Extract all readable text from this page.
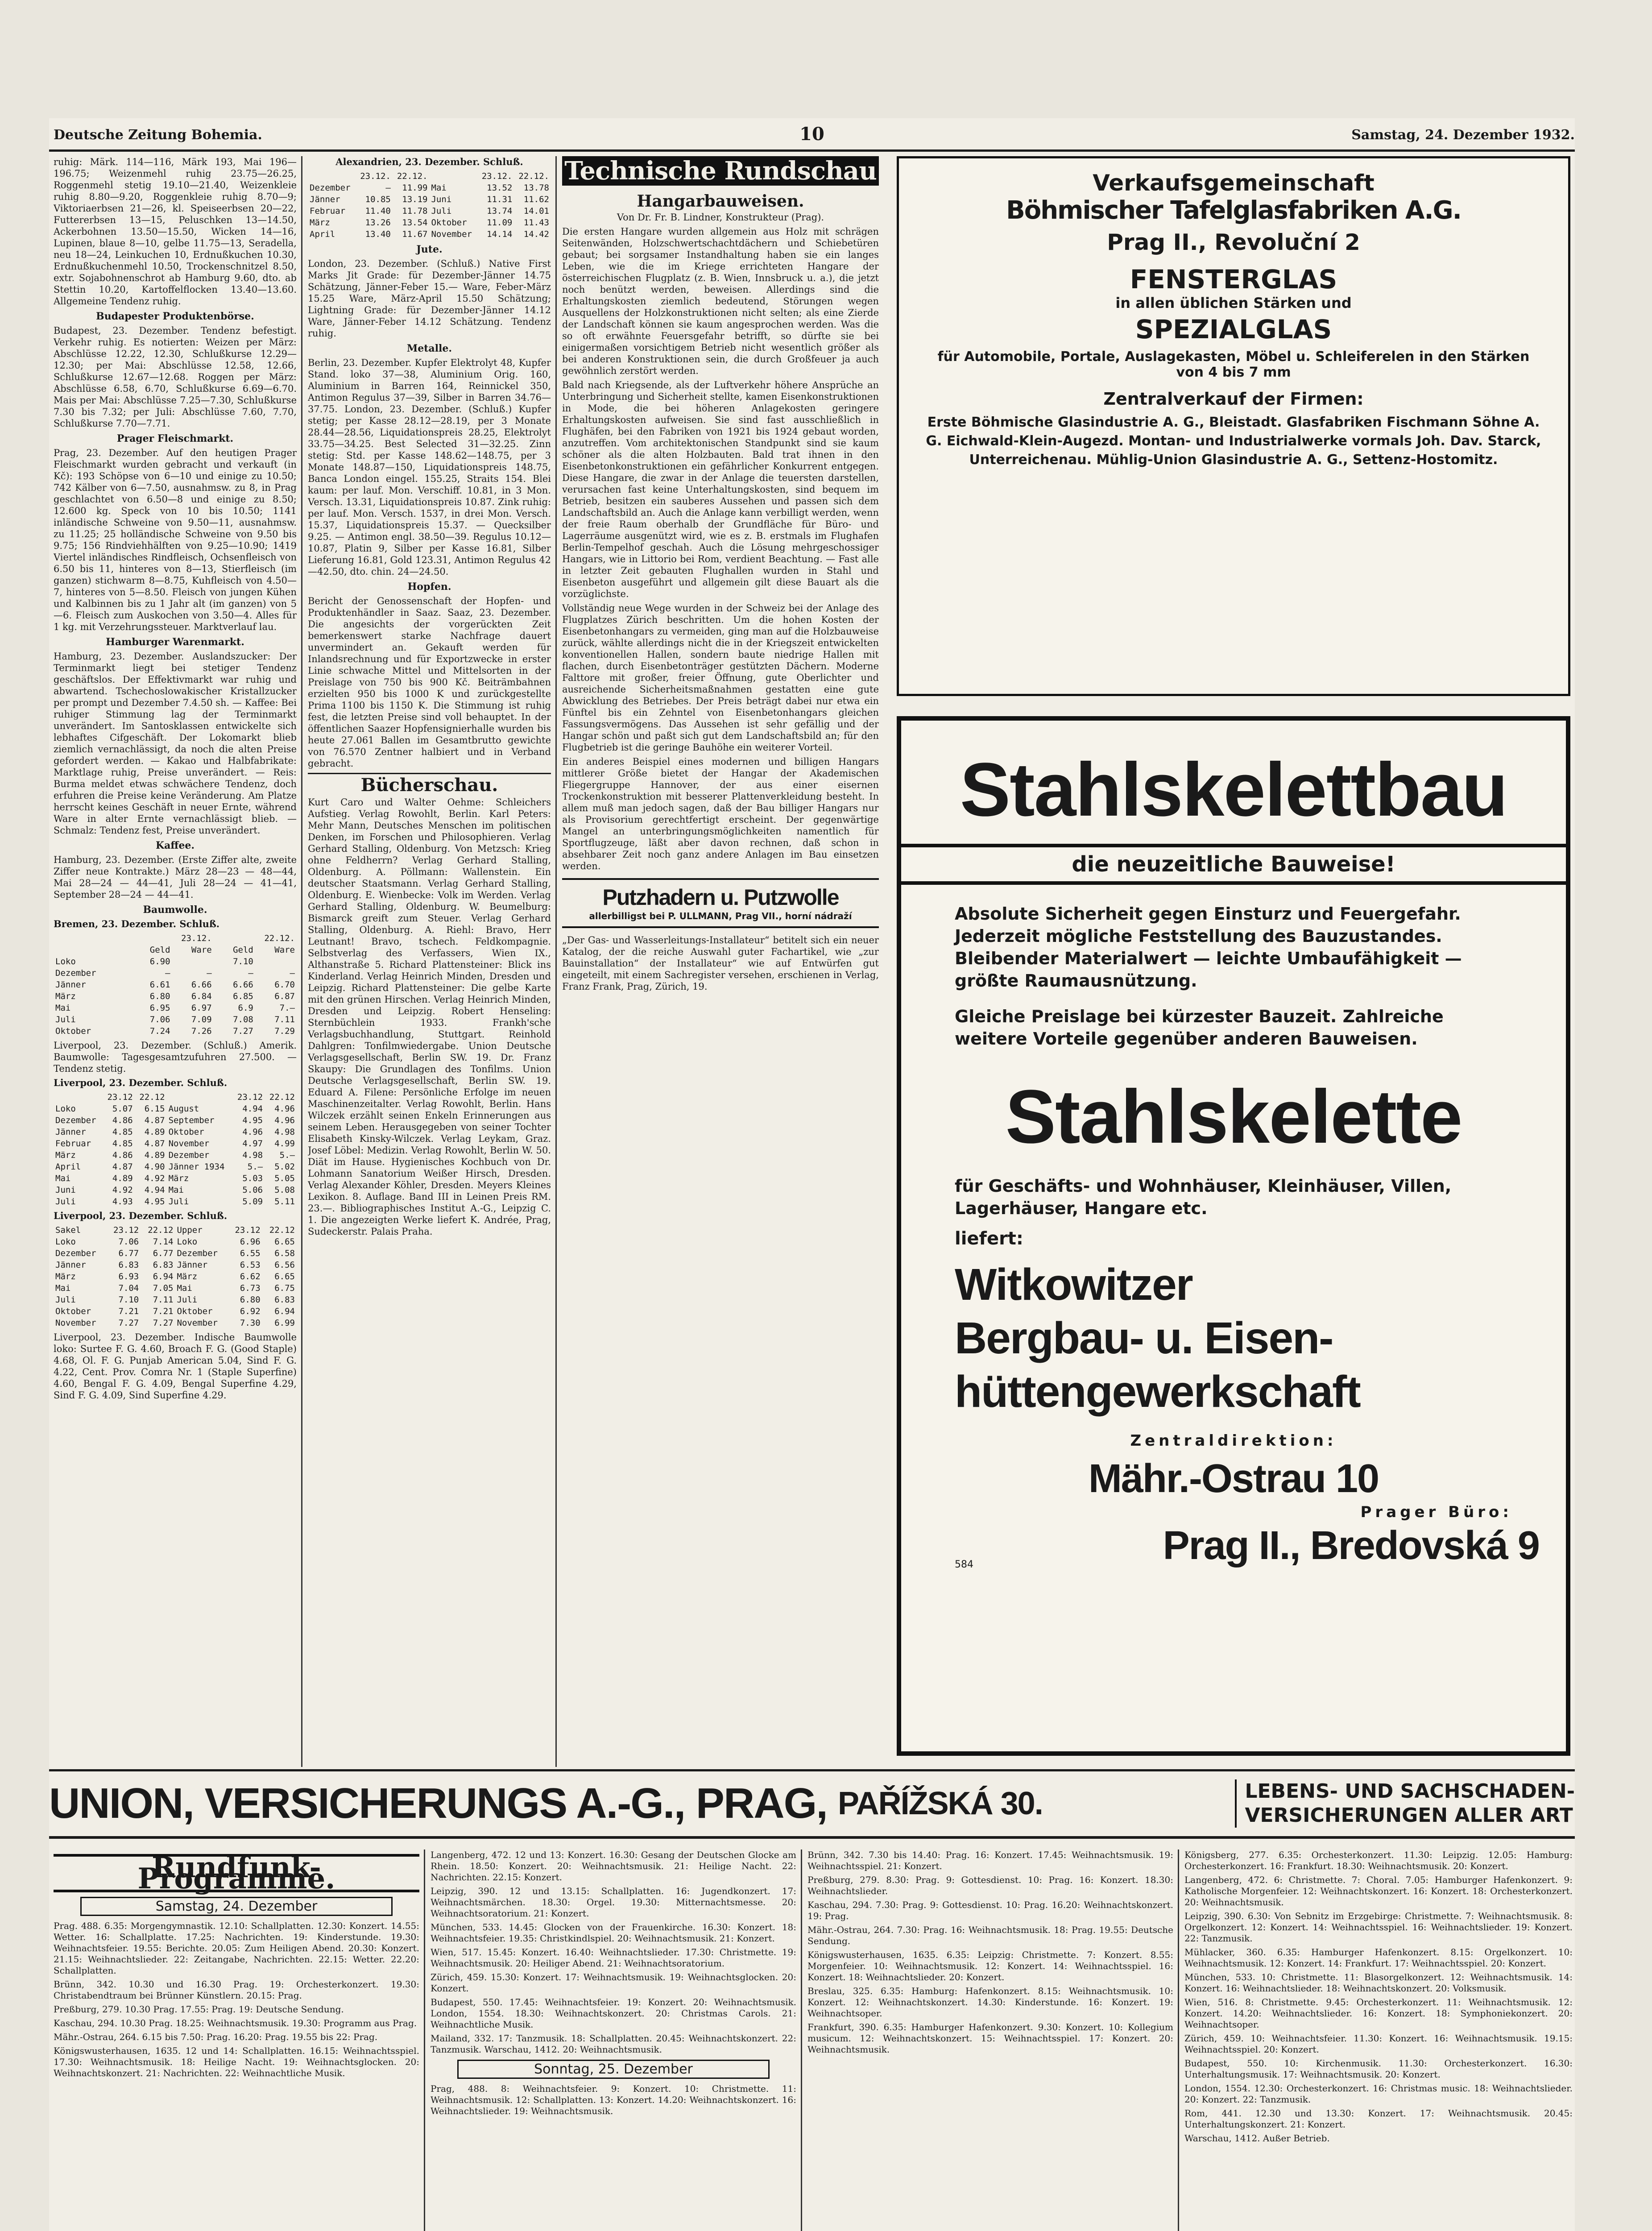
Deutsche Zeitung Bohemia.	10	Samstag, 24. Dezember 1932.

ruhig: Märk. 114—116, Märk 193, Mai 196—196.75; Weizenmehl ruhig 23.75—26.25, Roggenmehl stetig 19.10—21.40, Weizenkleie ruhig 8.80—9.20, Roggenkleie ruhig 8.70—9; Viktoriaerbsen 21—26, kl. Speiseerbsen 20—22, Futtererbsen 13—15, Peluschken 13—14.50, Ackerbohnen 13.50—15.50, Wicken 14—16, Lupinen, blaue 8—10, gelbe 11.75—13, Seradella, neu 18—24, Leinkuchen 10, Erdnußkuchen 10.30, Erdnußkuchenmehl 10.50, Trockenschnitzel 8.50, extr. Sojabohnenschrot ab Hamburg 9.60, dto. ab Stettin 10.20, Kartoffelflocken 13.40—13.60. Allgemeine Tendenz ruhig.

Budapester Produktenbörse.

Budapest, 23. Dezember. Tendenz befestigt. Verkehr ruhig. Es notierten: Weizen per März: Abschlüsse 12.22, 12.30, Schlußkurse 12.29—12.30; per Mai: Abschlüsse 12.58, 12.66, Schlußkurse 12.67—12.68. Roggen per März: Abschlüsse 6.58, 6.70, Schlußkurse 6.69—6.70. Mais per Mai: Abschlüsse 7.25—7.30, Schlußkurse 7.30 bis 7.32; per Juli: Abschlüsse 7.60, 7.70, Schlußkurse 7.70—7.71.

Prager Fleischmarkt.

Prag, 23. Dezember. Auf den heutigen Prager Fleischmarkt wurden gebracht und verkauft (in Kč): 193 Schöpse von 6—10 und einige zu 10.50; 742 Kälber von 6—7.50, ausnahmsw. zu 8, in Prag geschlachtet von 6.50—8 und einige zu 8.50; 12.600 kg. Speck von 10 bis 10.50; 1141 inländische Schweine von 9.50—11, ausnahmsw. zu 11.25; 25 holländische Schweine von 9.50 bis 9.75; 156 Rindviehhälften von 9.25—10.90; 1419 Viertel inländisches Rindfleisch, Ochsenfleisch von 6.50 bis 11, hinteres von 8—13, Stierfleisch (im ganzen) stichwarm 8—8.75, Kuhfleisch von 4.50—7, hinteres von 5—8.50. Fleisch von jungen Kühen und Kalbinnen bis zu 1 Jahr alt (im ganzen) von 5—6. Fleisch zum Auskochen von 3.50—4. Alles für 1 kg. mit Verzehrungssteuer. Marktverlauf lau.

Hamburger Warenmarkt.

Hamburg, 23. Dezember. Auslandszucker: Der Terminmarkt liegt bei stetiger Tendenz geschäftslos. Der Effektivmarkt war ruhig und abwartend. Tschechoslowakischer Kristallzucker per prompt und Dezember 7.4.50 sh. — Kaffee: Bei ruhiger Stimmung lag der Terminmarkt unverändert. Im Santosklassen entwickelte sich lebhaftes Cifgeschäft. Der Lokomarkt blieb ziemlich vernachlässigt, da noch die alten Preise gefordert werden. — Kakao und Halbfabrikate: Marktlage ruhig, Preise unverändert. — Reis: Burma meldet etwas schwächere Tendenz, doch erfuhren die Preise keine Veränderung. Am Platze herrscht keines Geschäft in neuer Ernte, während Ware in alter Ernte vernachlässigt blieb. — Schmalz: Tendenz fest, Preise unverändert.

Kaffee.

Hamburg, 23. Dezember. (Erste Ziffer alte, zweite Ziffer neue Kontrakte.) März 28—23 — 48—44, Mai 28—24 — 44—41, Juli 28—24 — 41—41, September 28—24 — 44—41.

Baumwolle.

Bremen, 23. Dezember. Schluß.

	23.12.		22.12.	
	Geld	Ware	Geld	Ware
Loko	6.90		7.10	
Dezember	—	—	—	—
Jänner	6.61	6.66	6.66	6.70
März	6.80	6.84	6.85	6.87
Mai	6.95	6.97	6.9	7.—
Juli	7.06	7.09	7.08	7.11
Oktober	7.24	7.26	7.27	7.29

Liverpool, 23. Dezember. (Schluß.) Amerik. Baumwolle: Tagesgesamtzufuhren 27.500. — Tendenz stetig.

Liverpool, 23. Dezember. Schluß.

	23.12	22.12		23.12	22.12
Loko	5.07	6.15	August	4.94	4.96
Dezember	4.86	4.87	September	4.95	4.96
Jänner	4.85	4.89	Oktober	4.96	4.98
Februar	4.85	4.87	November	4.97	4.99
März	4.86	4.89	Dezember	4.98	5.—
April	4.87	4.90	Jänner 1934	5.—	5.02
Mai	4.89	4.92	März	5.03	5.05
Juni	4.92	4.94	Mai	5.06	5.08
Juli	4.93	4.95	Juli	5.09	5.11

Liverpool, 23. Dezember. Schluß.

Sakel	23.12	22.12	Upper	23.12	22.12
Loko	7.06	7.14	Loko	6.96	6.65
Dezember	6.77	6.77	Dezember	6.55	6.58
Jänner	6.83	6.83	Jänner	6.53	6.56
März	6.93	6.94	März	6.62	6.65
Mai	7.04	7.05	Mai	6.73	6.75
Juli	7.10	7.11	Juli	6.80	6.83
Oktober	7.21	7.21	Oktober	6.92	6.94
November	7.27	7.27	November	7.30	6.99

Liverpool, 23. Dezember. Indische Baumwolle loko: Surtee F. G. 4.60, Broach F. G. (Good Staple) 4.68, Ol. F. G. Punjab American 5.04, Sind F. G. 4.22, Cent. Prov. Comra Nr. 1 (Staple Superfine) 4.60, Bengal F. G. 4.09, Bengal Superfine 4.29, Sind F. G. 4.09, Sind Superfine 4.29.

Alexandrien, 23. Dezember. Schluß.

	23.12.	22.12.		23.12.	22.12.
Dezember	—	11.99	Mai	13.52	13.78
Jänner	10.85	13.19	Juni	11.31	11.62
Februar	11.40	11.78	Juli	13.74	14.01
März	13.26	13.54	Oktober	11.09	11.43
April	13.40	11.67	November	14.14	14.42
Jute.

London, 23. Dezember. (Schluß.) Native First Marks Jit Grade: für Dezember-Jänner 14.75 Schätzung, Jänner-Feber 15.— Ware, Feber-März 15.25 Ware, März-April 15.50 Schätzung; Lightning Grade: für Dezember-Jänner 14.12 Ware, Jänner-Feber 14.12 Schätzung. Tendenz ruhig.

Metalle.

Berlin, 23. Dezember. Kupfer Elektrolyt 48, Kupfer Stand. loko 37—38, Aluminium Orig. 160, Aluminium in Barren 164, Reinnickel 350, Antimon Regulus 37—39, Silber in Barren 34.76—37.75. London, 23. Dezember. (Schluß.) Kupfer stetig; per Kasse 28.12—28.19, per 3 Monate 28.44—28.56, Liquidationspreis 28.25, Elektrolyt 33.75—34.25. Best Selected 31—32.25. Zinn stetig: Std. per Kasse 148.62—148.75, per 3 Monate 148.87—150, Liquidationspreis 148.75, Banca London eingel. 155.25, Straits 154. Blei kaum: per lauf. Mon. Verschiff. 10.81, in 3 Mon. Versch. 13.31, Liquidationspreis 10.87. Zink ruhig: per lauf. Mon. Versch. 1537, in drei Mon. Versch. 15.37, Liquidationspreis 15.37. — Quecksilber 9.25. — Antimon engl. 38.50—39. Regulus 10.12—10.87, Platin 9, Silber per Kasse 16.81, Silber Lieferung 16.81, Gold 123.31, Antimon Regulus 42—42.50, dto. chin. 24—24.50.

Hopfen.

Bericht der Genossenschaft der Hopfen- und Produktenhändler in Saaz. Saaz, 23. Dezember. Die angesichts der vorgerückten Zeit bemerkenswert starke Nachfrage dauert unvermindert an. Gekauft werden für Inlandsrechnung und für Exportzwecke in erster Linie schwache Mittel und Mittelsorten in der Preislage von 750 bis 900 Kč. Beiträmbahnen erzielten 950 bis 1000 K und zurückgestellte Prima 1100 bis 1150 K. Die Stimmung ist ruhig fest, die letzten Preise sind voll behauptet. In der öffentlichen Saazer Hopfensignierhalle wurden bis heute 27.061 Ballen im Gesamtbrutto gewichte von 76.570 Zentner halbiert und in Verband gebracht.

Bücherschau.

Kurt Caro und Walter Oehme: Schleichers Aufstieg. Verlag Rowohlt, Berlin. Karl Peters: Mehr Mann, Deutsches Menschen im politischen Denken, im Forschen und Philosophieren. Verlag Gerhard Stalling, Oldenburg. Von Metzsch: Krieg ohne Feldherrn? Verlag Gerhard Stalling, Oldenburg. A. Pöllmann: Wallenstein. Ein deutscher Staatsmann. Verlag Gerhard Stalling, Oldenburg. E. Wienbecke: Volk im Werden. Verlag Gerhard Stalling, Oldenburg. W. Beumelburg: Bismarck greift zum Steuer. Verlag Gerhard Stalling, Oldenburg. A. Riehl: Bravo, Herr Leutnant! Bravo, tschech. Feldkompagnie. Selbstverlag des Verfassers, Wien IX., Althanstraße 5. Richard Plattensteiner: Blick ins Kinderland. Verlag Heinrich Minden, Dresden und Leipzig. Richard Plattensteiner: Die gelbe Karte mit den grünen Hirschen. Verlag Heinrich Minden, Dresden und Leipzig. Robert Henseling: Sternbüchlein 1933. Frankh'sche Verlagsbuchhandlung, Stuttgart. Reinhold Dahlgren: Tonfilmwiedergabe. Union Deutsche Verlagsgesellschaft, Berlin SW. 19. Dr. Franz Skaupy: Die Grundlagen des Tonfilms. Union Deutsche Verlagsgesellschaft, Berlin SW. 19. Eduard A. Filene: Persönliche Erfolge im neuen Maschinenzeitalter. Verlag Rowohlt, Berlin. Hans Wilczek erzählt seinen Enkeln Erinnerungen aus seinem Leben. Herausgegeben von seiner Tochter Elisabeth Kinsky-Wilczek. Verlag Leykam, Graz. Josef Löbel: Medizin. Verlag Rowohlt, Berlin W. 50. Diät im Hause. Hygienisches Kochbuch von Dr. Lohmann Sanatorium Weißer Hirsch, Dresden. Verlag Alexander Köhler, Dresden. Meyers Kleines Lexikon. 8. Auflage. Band III in Leinen Preis RM. 23.—. Bibliographisches Institut A.-G., Leipzig C. 1. Die angezeigten Werke liefert K. Andrée, Prag, Sudeckerstr. Palais Praha.

Technische Rundschau
Hangarbauweisen.

Von Dr. Fr. B. Lindner, Konstrukteur (Prag).

Die ersten Hangare wurden allgemein aus Holz mit schrägen Seitenwänden, Holzschwertschachtdächern und Schiebetüren gebaut; bei sorgsamer Instandhaltung haben sie ein langes Leben, wie die im Kriege errichteten Hangare der österreichischen Flugplatz (z. B. Wien, Innsbruck u. a.), die jetzt noch benützt werden, beweisen. Allerdings sind die Erhaltungskosten ziemlich bedeutend, Störungen wegen Ausquellens der Holzkonstruktionen nicht selten; als eine Zierde der Landschaft können sie kaum angesprochen werden. Was die so oft erwähnte Feuersgefahr betrifft, so dürfte sie bei einigermaßen vorsichtigem Betrieb nicht wesentlich größer als bei anderen Konstruktionen sein, die durch Großfeuer ja auch gewöhnlich zerstört werden.

Bald nach Kriegsende, als der Luftverkehr höhere Ansprüche an Unterbringung und Sicherheit stellte, kamen Eisenkonstruktionen in Mode, die bei höheren Anlagekosten geringere Erhaltungskosten aufweisen. Sie sind fast ausschließlich in Flughäfen, bei den Fabriken von 1921 bis 1924 gebaut worden, anzutreffen. Vom architektonischen Standpunkt sind sie kaum schöner als die alten Holzbauten. Bald trat ihnen in den Eisenbetonkonstruktionen ein gefährlicher Konkurrent entgegen. Diese Hangare, die zwar in der Anlage die teuersten darstellen, verursachen fast keine Unterhaltungskosten, sind bequem im Betrieb, besitzen ein sauberes Aussehen und passen sich dem Landschaftsbild an. Auch die Anlage kann verbilligt werden, wenn der freie Raum oberhalb der Grundfläche für Büro- und Lagerräume ausgenützt wird, wie es z. B. erstmals im Flughafen Berlin-Tempelhof geschah. Auch die Lösung mehrgeschossiger Hangars, wie in Littorio bei Rom, verdient Beachtung. — Fast alle in letzter Zeit gebauten Flughallen wurden in Stahl und Eisenbeton ausgeführt und allgemein gilt diese Bauart als die vorzüglichste.

Vollständig neue Wege wurden in der Schweiz bei der Anlage des Flugplatzes Zürich beschritten. Um die hohen Kosten der Eisenbetonhangars zu vermeiden, ging man auf die Holzbauweise zurück, wählte allerdings nicht die in der Kriegszeit entwickelten konventionellen Hallen, sondern baute niedrige Hallen mit flachen, durch Eisenbetonträger gestützten Dächern. Moderne Falttore mit großer, freier Öffnung, gute Oberlichter und ausreichende Sicherheitsmaßnahmen gestatten eine gute Abwicklung des Betriebes. Der Preis beträgt dabei nur etwa ein Fünftel bis ein Zehntel von Eisenbetonhangars gleichen Fassungsvermögens. Das Aussehen ist sehr gefällig und der Hangar schön und paßt sich gut dem Landschaftsbild an; für den Flugbetrieb ist die geringe Bauhöhe ein weiterer Vorteil.

Ein anderes Beispiel eines modernen und billigen Hangars mittlerer Größe bietet der Hangar der Akademischen Fliegergruppe Hannover, der aus einer eisernen Trockenkonstruktion mit besserer Plattenverkleidung besteht. In allem muß man jedoch sagen, daß der Bau billiger Hangars nur als Provisorium gerechtfertigt erscheint. Der gegenwärtige Mangel an unterbringungsmöglichkeiten namentlich für Sportflugzeuge, läßt aber davon rechnen, daß schon in absehbarer Zeit noch ganz andere Anlagen im Bau einsetzen werden.

Putzhadern u. Putzwolle
allerbilligst bei P. ULLMANN, Prag VII., horní nádraží

„Der Gas- und Wasserleitungs-Installateur“ betitelt sich ein neuer Katalog, der die reiche Auswahl guter Fachartikel, wie „zur Bauinstallation“ der Installateur“ wie auf Entwürfen gut eingeteilt, mit einem Sachregister versehen, erschienen in Verlag, Franz Frank, Prag, Zürich, 19.

Verkaufsgemeinschaft
Böhmischer Tafelglasfabriken A.G.
Prag II., Revoluční 2
FENSTERGLAS
in allen üblichen Stärken und
SPEZIALGLAS
für Automobile, Portale, Auslagekasten, Möbel u. Schleiferelen in den Stärken von 4 bis 7 mm
Zentralverkauf der Firmen:
Erste Böhmische Glasindustrie A. G., Bleistadt. Glasfabriken Fischmann Söhne A. G. Eichwald-Klein-Augezd. Montan- und Industrialwerke vormals Joh. Dav. Starck, Unterreichenau. Mühlig-Union Glasindustrie A. G., Settenz-Hostomitz.
Stahlskelettbau
die neuzeitliche Bauweise!
Absolute Sicherheit gegen Einsturz und Feuergefahr. Jederzeit mögliche Feststellung des Bauzustandes. Bleibender Materialwert — leichte Umbaufähigkeit — größte Raumausnützung.
Gleiche Preislage bei kürzester Bauzeit. Zahlreiche weitere Vorteile gegenüber anderen Bauweisen.
Stahlskelette
für Geschäfts- und Wohnhäuser, Kleinhäuser, Villen, Lagerhäuser, Hangare etc.
liefert:
Witkowitzer
Bergbau- u. Eisen-
hüttengewerkschaft
Zentraldirektion:
Mähr.-Ostrau 10
Prager Büro:
584	Prag II., Bredovská 9
UNION, VERSICHERUNGS A.-G., PRAG, PAŘÍŽSKÁ 30.	LEBENS- UND SACHSCHADEN-
VERSICHERUNGEN ALLER ART
Rundfunk-Programme.
Samstag, 24. Dezember

Prag. 488. 6.35: Morgengymnastik. 12.10: Schallplatten. 12.30: Konzert. 14.55: Wetter. 16: Schallplatte. 17.25: Nachrichten. 19: Kinderstunde. 19.30: Weihnachtsfeier. 19.55: Berichte. 20.05: Zum Heiligen Abend. 20.30: Konzert. 21.15: Weihnachtslieder. 22: Zeitangabe, Nachrichten. 22.15: Wetter. 22.20: Schallplatten.

Brünn, 342. 10.30 und 16.30 Prag. 19: Orchesterkonzert. 19.30: Christabendtraum bei Brünner Künstlern. 20.15: Prag.

Preßburg, 279. 10.30 Prag. 17.55: Prag. 19: Deutsche Sendung.

Kaschau, 294. 10.30 Prag. 18.25: Weihnachtsmusik. 19.30: Programm aus Prag.

Mähr.-Ostrau, 264. 6.15 bis 7.50: Prag. 16.20: Prag. 19.55 bis 22: Prag.

Königswusterhausen, 1635. 12 und 14: Schallplatten. 16.15: Weihnachtsspiel. 17.30: Weihnachtsmusik. 18: Heilige Nacht. 19: Weihnachtsglocken. 20: Weihnachtskonzert. 21: Nachrichten. 22: Weihnachtliche Musik.

Langenberg, 472. 12 und 13: Konzert. 16.30: Gesang der Deutschen Glocke am Rhein. 18.50: Konzert. 20: Weihnachtsmusik. 21: Heilige Nacht. 22: Nachrichten. 22.15: Konzert.

Leipzig, 390. 12 und 13.15: Schallplatten. 16: Jugendkonzert. 17: Weihnachtsmärchen. 18.30: Orgel. 19.30: Mitternachtsmesse. 20: Weihnachtsoratorium. 21: Konzert.

München, 533. 14.45: Glocken von der Frauenkirche. 16.30: Konzert. 18: Weihnachtsfeier. 19.35: Christkindlspiel. 20: Weihnachtsmusik. 21: Konzert.

Wien, 517. 15.45: Konzert. 16.40: Weihnachtslieder. 17.30: Christmette. 19: Weihnachtsmusik. 20: Heiliger Abend. 21: Weihnachtsoratorium.

Zürich, 459. 15.30: Konzert. 17: Weihnachtsmusik. 19: Weihnachtsglocken. 20: Konzert.

Budapest, 550. 17.45: Weihnachtsfeier. 19: Konzert. 20: Weihnachtsmusik. London, 1554. 18.30: Weihnachtskonzert. 20: Christmas Carols. 21: Weihnachtliche Musik.

Mailand, 332. 17: Tanzmusik. 18: Schallplatten. 20.45: Weihnachtskonzert. 22: Tanzmusik. Warschau, 1412. 20: Weihnachtsmusik.

Sonntag, 25. Dezember

Prag, 488. 8: Weihnachtsfeier. 9: Konzert. 10: Christmette. 11: Weihnachtsmusik. 12: Schallplatten. 13: Konzert. 14.20: Weihnachtskonzert. 16: Weihnachtslieder. 19: Weihnachtsmusik.

Brünn, 342. 7.30 bis 14.40: Prag. 16: Konzert. 17.45: Weihnachtsmusik. 19: Weihnachtsspiel. 21: Konzert.

Preßburg, 279. 8.30: Prag. 9: Gottesdienst. 10: Prag. 16: Konzert. 18.30: Weihnachtslieder.

Kaschau, 294. 7.30: Prag. 9: Gottesdienst. 10: Prag. 16.20: Weihnachtskonzert. 19: Prag.

Mähr.-Ostrau, 264. 7.30: Prag. 16: Weihnachtsmusik. 18: Prag. 19.55: Deutsche Sendung.

Königswusterhausen, 1635. 6.35: Leipzig: Christmette. 7: Konzert. 8.55: Morgenfeier. 10: Weihnachtsmusik. 12: Konzert. 14: Weihnachtsspiel. 16: Konzert. 18: Weihnachtslieder. 20: Konzert.

Breslau, 325. 6.35: Hamburg: Hafenkonzert. 8.15: Weihnachtsmusik. 10: Konzert. 12: Weihnachtskonzert. 14.30: Kinderstunde. 16: Konzert. 19: Weihnachtsoper.

Frankfurt, 390. 6.35: Hamburger Hafenkonzert. 9.30: Konzert. 10: Kollegium musicum. 12: Weihnachtskonzert. 15: Weihnachtsspiel. 17: Konzert. 20: Weihnachtsmusik.

Königsberg, 277. 6.35: Orchesterkonzert. 11.30: Leipzig. 12.05: Hamburg: Orchesterkonzert. 16: Frankfurt. 18.30: Weihnachtsmusik. 20: Konzert.

Langenberg, 472. 6: Christmette. 7: Choral. 7.05: Hamburger Hafenkonzert. 9: Katholische Morgenfeier. 12: Weihnachtskonzert. 16: Konzert. 18: Orchesterkonzert. 20: Weihnachtsmusik.

Leipzig, 390. 6.30: Von Sebnitz im Erzgebirge: Christmette. 7: Weihnachtsmusik. 8: Orgelkonzert. 12: Konzert. 14: Weihnachtsspiel. 16: Weihnachtslieder. 19: Konzert. 22: Tanzmusik.

Mühlacker, 360. 6.35: Hamburger Hafenkonzert. 8.15: Orgelkonzert. 10: Weihnachtsmusik. 12: Konzert. 14: Frankfurt. 17: Weihnachtsspiel. 20: Konzert.

München, 533. 10: Christmette. 11: Blasorgelkonzert. 12: Weihnachtsmusik. 14: Konzert. 16: Weihnachtslieder. 18: Weihnachtskonzert. 20: Volksmusik.

Wien, 516. 8: Christmette. 9.45: Orchesterkonzert. 11: Weihnachtsmusik. 12: Konzert. 14.20: Weihnachtslieder. 16: Konzert. 18: Symphoniekonzert. 20: Weihnachtsoper.

Zürich, 459. 10: Weihnachtsfeier. 11.30: Konzert. 16: Weihnachtsmusik. 19.15: Weihnachtsspiel. 20: Konzert.

Budapest, 550. 10: Kirchenmusik. 11.30: Orchesterkonzert. 16.30: Unterhaltungsmusik. 17: Weihnachtsmusik. 20: Konzert.

London, 1554. 12.30: Orchesterkonzert. 16: Christmas music. 18: Weihnachtslieder. 20: Konzert. 22: Tanzmusik.

Rom, 441. 12.30 und 13.30: Konzert. 17: Weihnachtsmusik. 20.45: Unterhaltungskonzert. 21: Konzert.

Warschau, 1412. Außer Betrieb.
